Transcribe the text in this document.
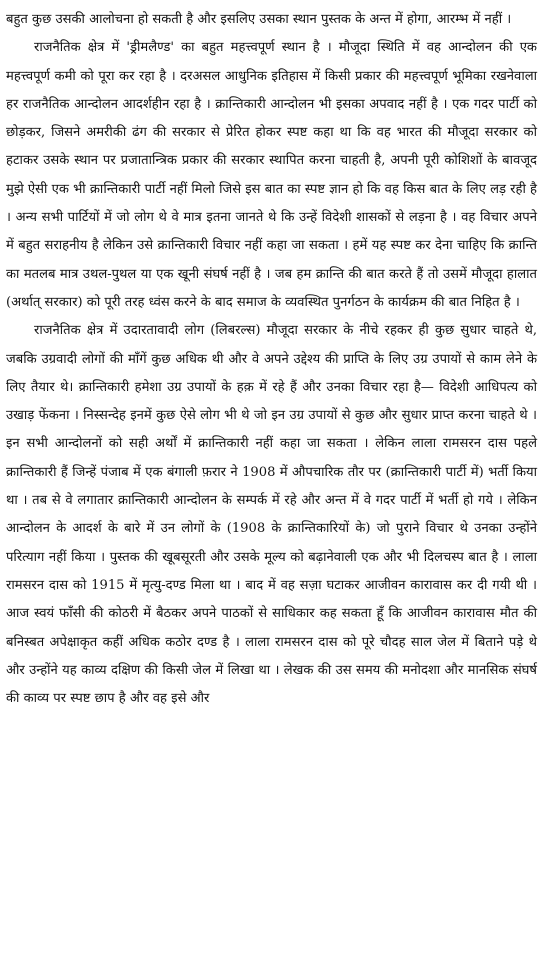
बहुत कुछ उसकी आलोचना हो सकती है और इसलिए उसका स्थान पुस्तक के अन्त में होगा, आरम्भ में नहीं ।

राजनैतिक क्षेत्र में 'ड्रीमलैण्ड' का बहुत महत्त्वपूर्ण स्थान है । मौजूदा स्थिति में वह आन्दोलन की एक महत्त्वपूर्ण कमी को पूरा कर रहा है । दरअसल आधुनिक इतिहास में किसी प्रकार की महत्त्वपूर्ण भूमिका रखनेवाला हर राजनैतिक आन्दोलन आदर्शहीन रहा है । क्रान्तिकारी आन्दोलन भी इसका अपवाद नहीं है । एक गदर पार्टी को छोड़कर, जिसने अमरीकी ढंग की सरकार से प्रेरित होकर स्पष्ट कहा था कि वह भारत की मौजूदा सरकार को हटाकर उसके स्थान पर प्रजातान्त्रिक प्रकार की सरकार स्थापित करना चाहती है, अपनी पूरी कोशिशों के बावजूद मुझे ऐसी एक भी क्रान्तिकारी पार्टी नहीं मिलो जिसे इस बात का स्पष्ट ज्ञान हो कि वह किस बात के लिए लड़ रही है । अन्य सभी पार्टियों में जो लोग थे वे मात्र इतना जानते थे कि उन्हें विदेशी शासकों से लड़ना है । वह विचार अपने में बहुत सराहनीय है लेकिन उसे क्रान्तिकारी विचार नहीं कहा जा सकता । हमें यह स्पष्ट कर देना चाहिए कि क्रान्ति का मतलब मात्र उथल-पुथल या एक खूनी संघर्ष नहीं है । जब हम क्रान्ति की बात करते हैं तो उसमें मौजूदा हालात (अर्थात् सरकार) को पूरी तरह ध्वंस करने के बाद समाज के व्यवस्थित पुनर्गठन के कार्यक्रम की बात निहित है ।

राजनैतिक क्षेत्र में उदारतावादी लोग (लिबरल्स) मौजूदा सरकार के नीचे रहकर ही कुछ सुधार चाहते थे, जबकि उग्रवादी लोगों की माँगें कुछ अधिक थी और वे अपने उद्देश्य की प्राप्ति के लिए उग्र उपायों से काम लेने के लिए तैयार थे। क्रान्तिकारी हमेशा उग्र उपायों के हक़ में रहे हैं और उनका विचार रहा है— विदेशी आधिपत्य को उखाड़ फेंकना । निस्सन्देह इनमें कुछ ऐसे लोग भी थे जो इन उग्र उपायों से कुछ और सुधार प्राप्त करना चाहते थे । इन सभी आन्दोलनों को सही अर्थों में क्रान्तिकारी नहीं कहा जा सकता । लेकिन लाला रामसरन दास पहले क्रान्तिकारी हैं जिन्हें पंजाब में एक बंगाली फ़रार ने 1908 में औपचारिक तौर पर (क्रान्तिकारी पार्टी में) भर्ती किया था । तब से वे लगातार क्रान्तिकारी आन्दोलन के सम्पर्क में रहे और अन्त में वे गदर पार्टी में भर्ती हो गये । लेकिन आन्दोलन के आदर्श के बारे में उन लोगों के (1908 के क्रान्तिकारियों के) जो पुराने विचार थे उनका उन्होंने परित्याग नहीं किया । पुस्तक की खूबसूरती और उसके मूल्य को बढ़ानेवाली एक और भी दिलचस्प बात है । लाला रामसरन दास को 1915 में मृत्यु-दण्ड मिला था । बाद में वह सज़ा घटाकर आजीवन कारावास कर दी गयी थी । आज स्वयं फाँसी की कोठरी में बैठकर अपने पाठकों से साधिकार कह सकता हूँ कि आजीवन कारावास मौत की बनिस्बत अपेक्षाकृत कहीं अधिक कठोर दण्ड है । लाला रामसरन दास को पूरे चौदह साल जेल में बिताने पड़े थे और उन्होंने यह काव्य दक्षिण की किसी जेल में लिखा था । लेखक की उस समय की मनोदशा और मानसिक संघर्ष की काव्य पर स्पष्ट छाप है और वह इसे और
